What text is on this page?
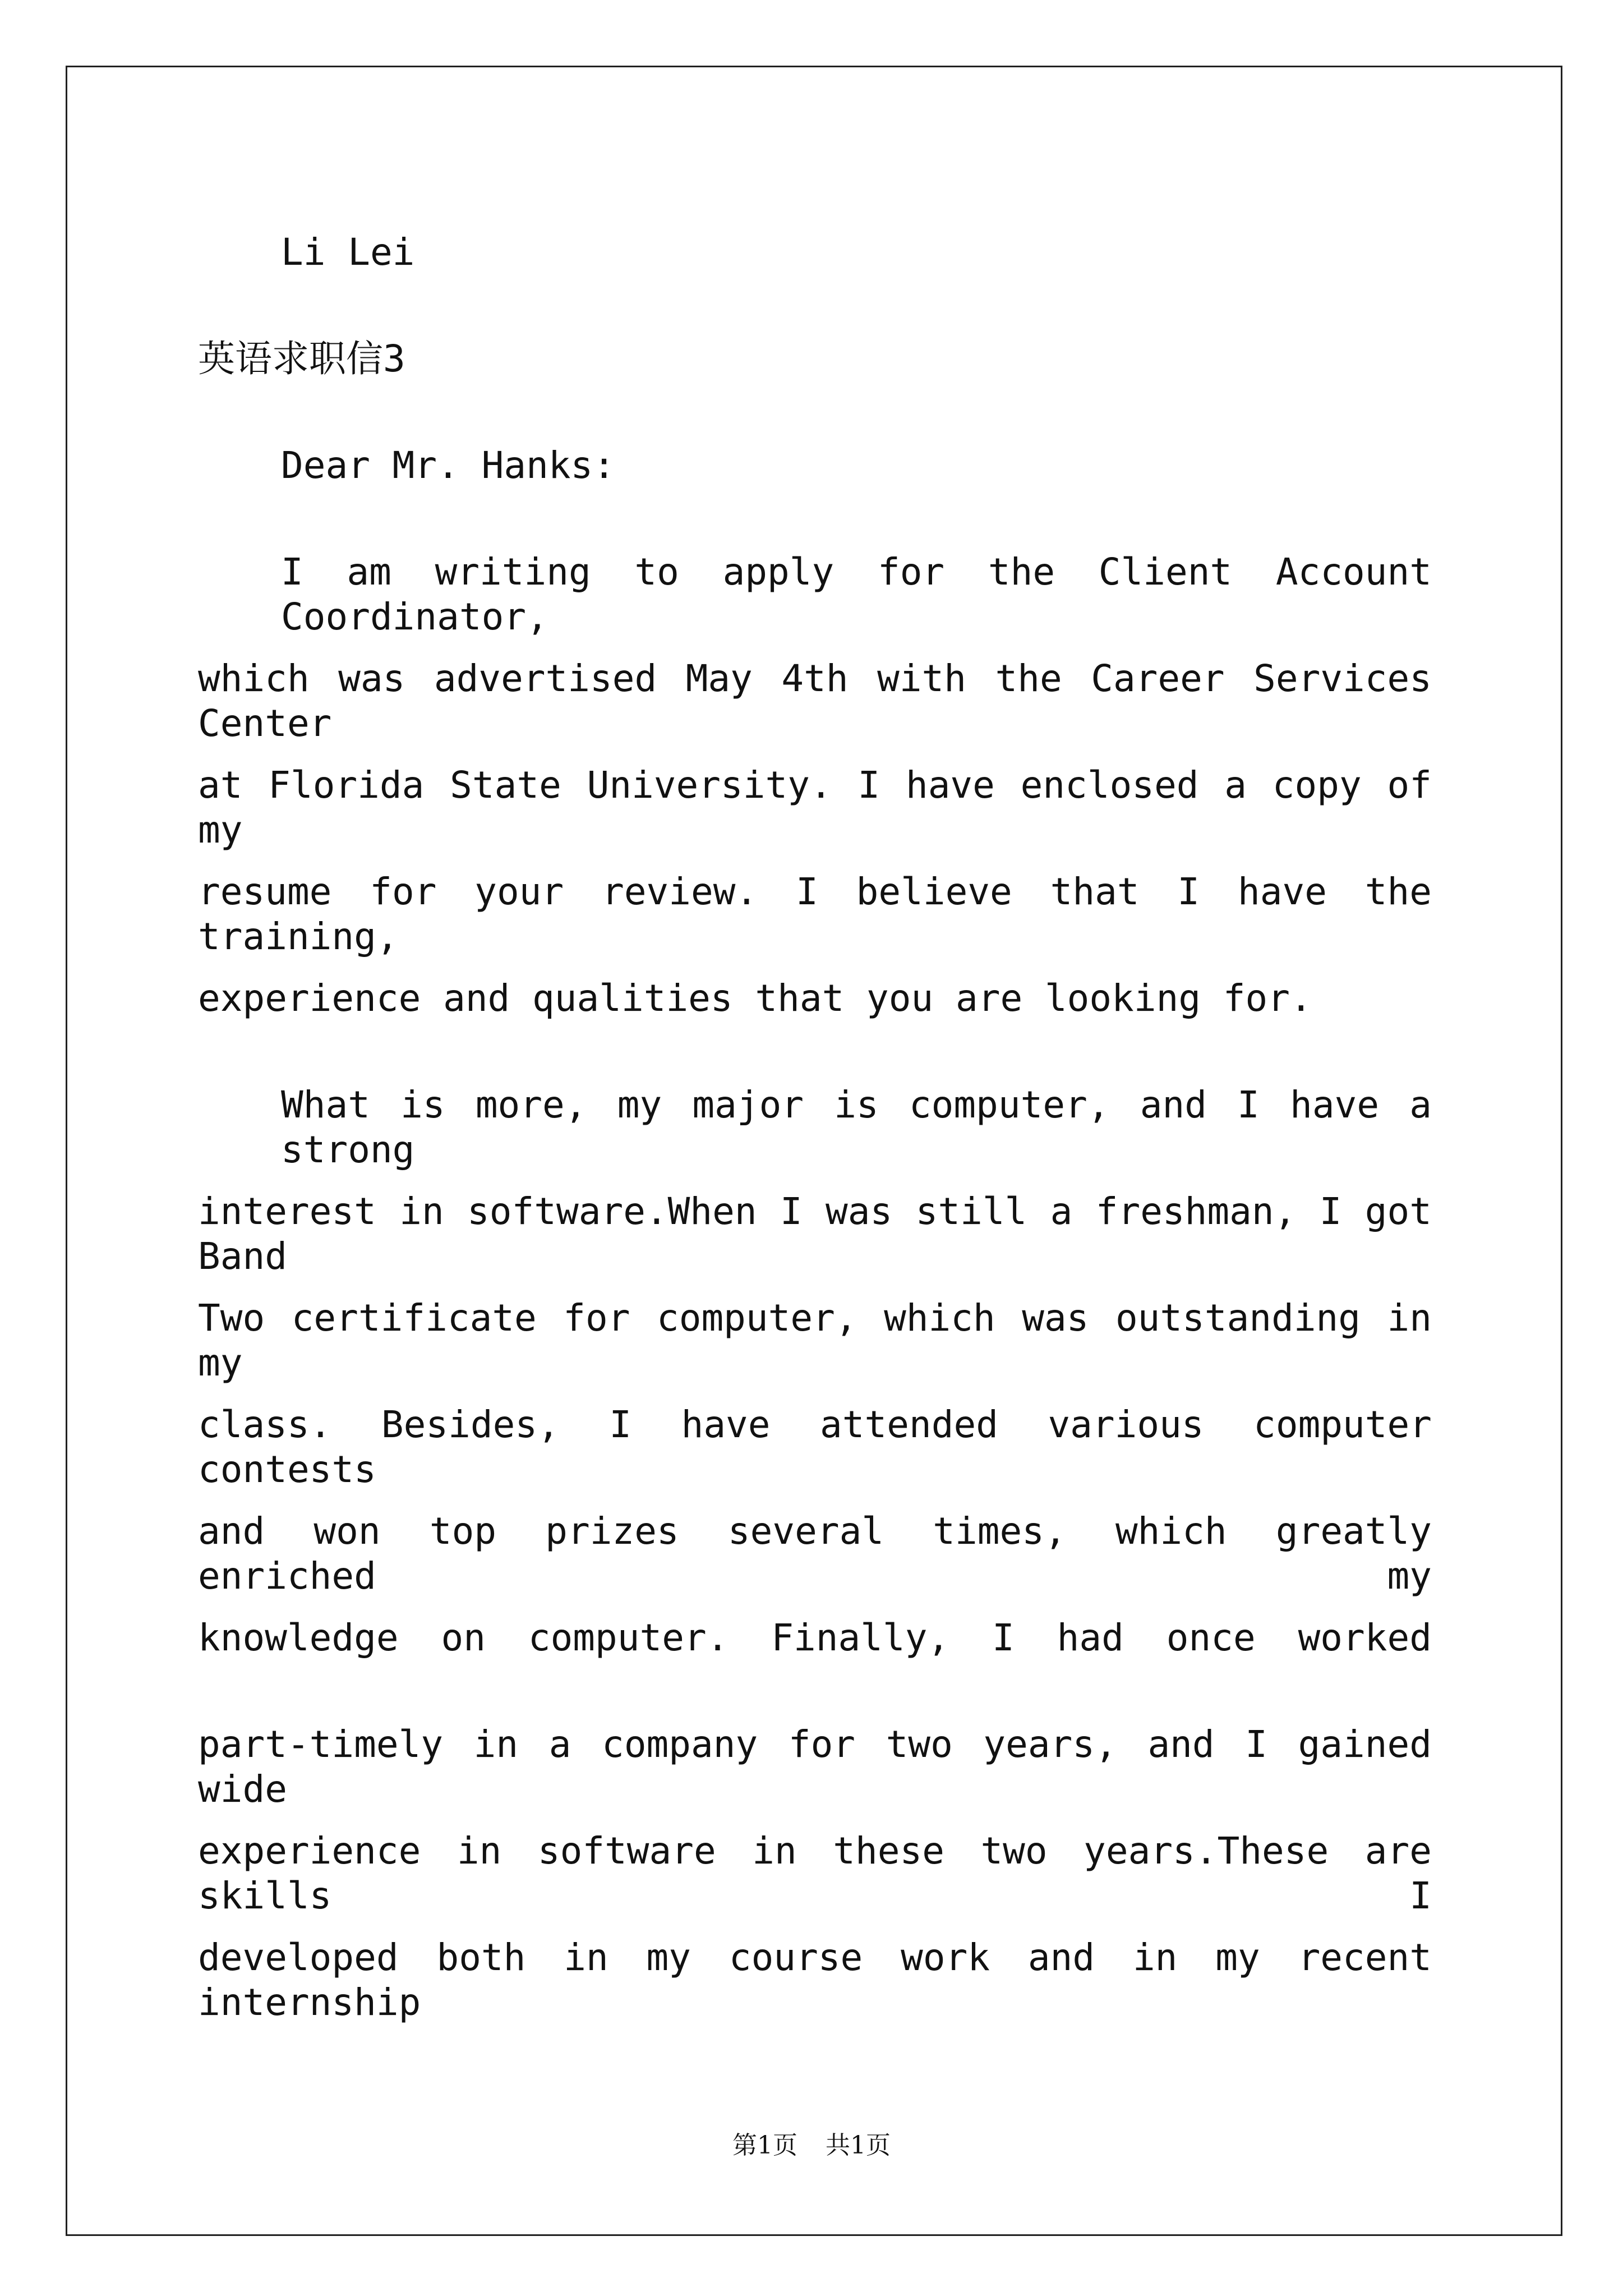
Li Lei
英语求职信3
Dear Mr. Hanks:
I am writing to apply for the Client Account Coordinator,
which was advertised May 4th with the Career Services Center
at Florida State University. I have enclosed a copy of my
resume for your review. I believe that I have the training,
experience and qualities that you are looking for.
What is more, my major is computer, and I have a strong
interest in software.When I was still a freshman, I got Band
Two certificate for computer, which was outstanding in my
class. Besides, I have attended various computer contests
and won top prizes several times, which greatly enriched my
knowledge on computer. Finally, I had once worked
part-timely in a company for two years, and I gained wide
experience in software in these two years.These are skills I
developed both in my course work and in my recent internship
第1页 共1页
